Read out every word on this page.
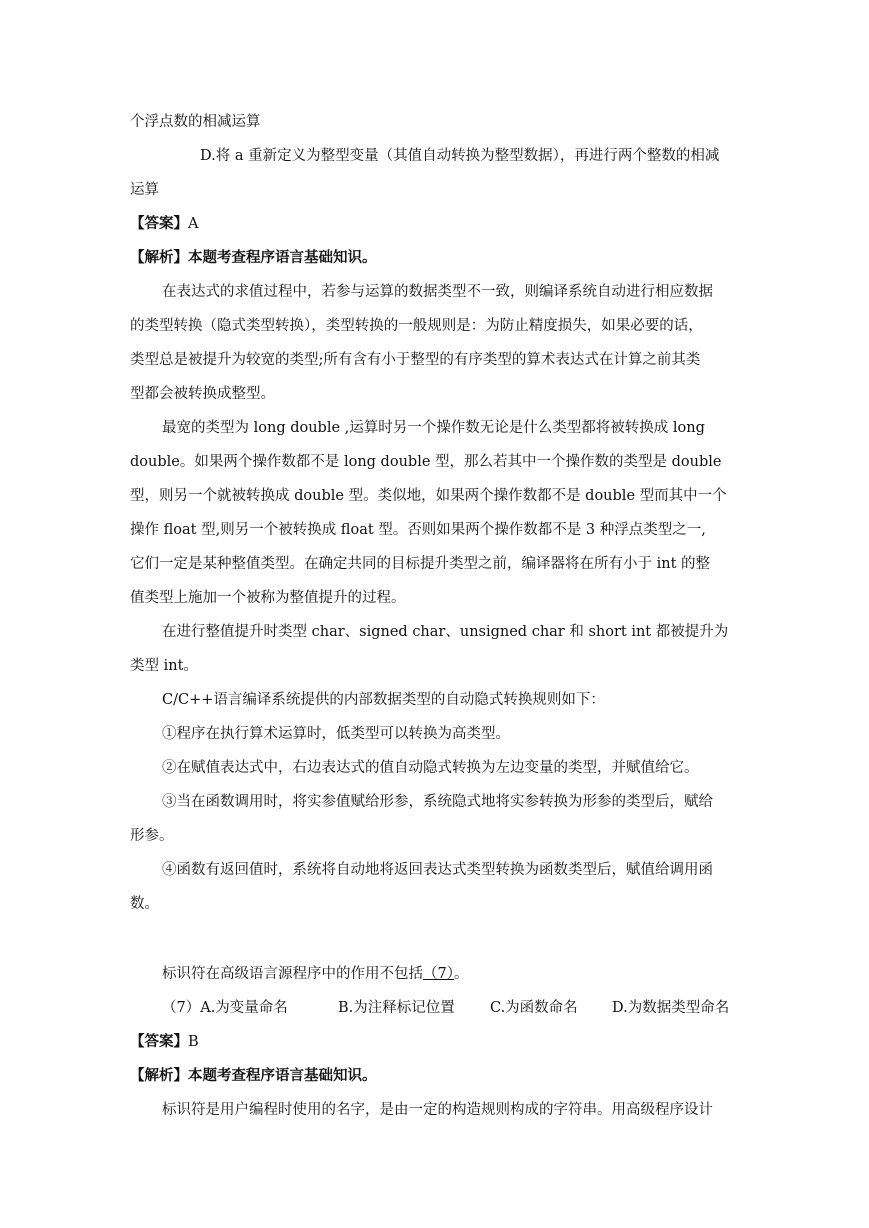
个浮点数的相减运算
D.将 a 重新定义为整型变量（其值自动转换为整型数据），再进行两个整数的相减
运算
【答案】A
【解析】本题考查程序语言基础知识。
在表达式的求值过程中，若参与运算的数据类型不一致，则编译系统自动进行相应数据
的类型转换（隐式类型转换），类型转换的一般规则是：为防止精度损失，如果必要的话，
类型总是被提升为较宽的类型;所有含有小于整型的有序类型的算术表达式在计算之前其类
型都会被转换成整型。
最宽的类型为 long double ,运算时另一个操作数无论是什么类型都将被转换成 long
double。如果两个操作数都不是 long double 型，那么若其中一个操作数的类型是 double
型，则另一个就被转换成 double 型。类似地，如果两个操作数都不是 double 型而其中一个
操作 float 型,则另一个被转换成 float 型。否则如果两个操作数都不是 3 种浮点类型之一,
它们一定是某种整值类型。在确定共同的目标提升类型之前，编译器将在所有小于 int 的整
值类型上施加一个被称为整值提升的过程。
在进行整值提升时类型 char、signed char、unsigned char 和 short int 都被提升为
类型 int。
C/C++语言编译系统提供的内部数据类型的自动隐式转换规则如下：
①程序在执行算术运算时，低类型可以转换为高类型。
②在赋值表达式中，右边表达式的值自动隐式转换为左边变量的类型，并赋值给它。
③当在函数调用时，将实参值赋给形参，系统隐式地将实参转换为形参的类型后，赋给
形参。
④函数有返回值时，系统将自动地将返回表达式类型转换为函数类型后，赋值给调用函
数。
标识符在高级语言源程序中的作用不包括（7）。
（7）A.为变量命名	B.为注释标记位置 C.为函数命名 D.为数据类型命名
【答案】B
【解析】本题考查程序语言基础知识。
标识符是用户编程时使用的名字，是由一定的构造规则构成的字符串。用高级程序设计
